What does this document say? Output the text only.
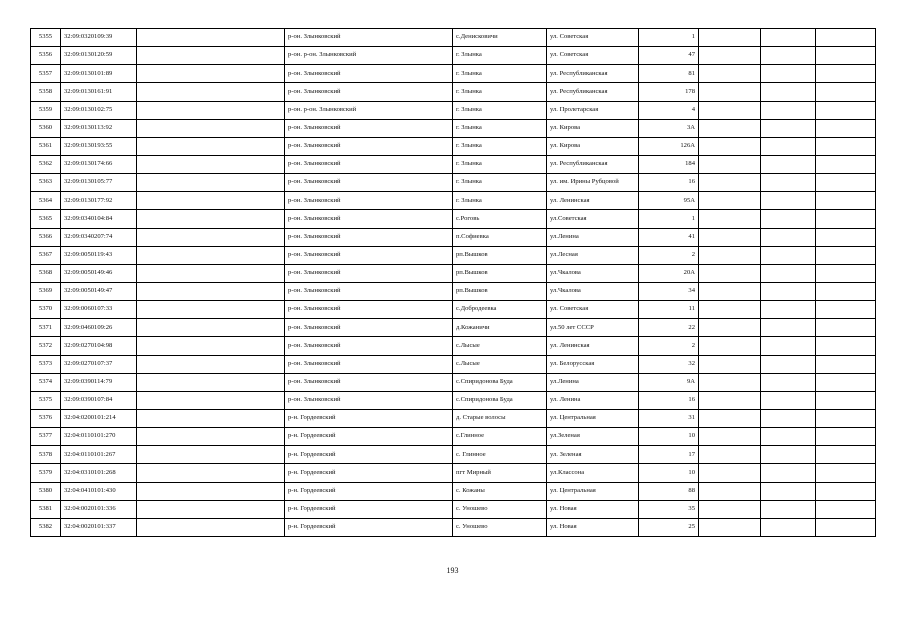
5355	32:09:0320109:39		р-он. Злынковский	с.Денисковичи	ул. Советская	1			
5356	32:09:0130120:59		р-он. р-он. Злынковский	г. Злынка	ул. Советская	47			
5357	32:09:0130101:89		р-он. Злынковский	г. Злынка	ул. Республиканская	81			
5358	32:09:0130161:91		р-он. Злынковский	г. Злынка	ул. Республиканская	178			
5359	32:09:0130102:75		р-он. р-он. Злынковский	г. Злынка	ул. Пролетарская	4			
5360	32:09:0130113:92		р-он. Злынковский	г. Злынка	ул. Кирова	3А			
5361	32:09:0130193:55		р-он. Злынковский	г. Злынка	ул. Кирова	126А			
5362	32:09:0130174:66		р-он. Злынковский	г. Злынка	ул. Республиканская	184			
5363	32:09:0130105:77		р-он. Злынковский	г. Злынка	ул. им. Ирины Рубцовой	16			
5364	32:09:0130177:92		р-он. Злынковский	г. Злынка	ул. Ленинская	95А			
5365	32:09:0340104:84		р-он. Злынковский	с.Роговь	ул.Советская	1			
5366	32:09:0340207:74		р-он. Злынковский	п.Софиевка	ул.Ленина	41			
5367	32:09:0050119:43		р-он. Злынковский	рп.Вышков	ул.Лесная	2			
5368	32:09:0050149:46		р-он. Злынковский	рп.Вышков	ул.Чкалова	20А			
5369	32:09:0050149:47		р-он. Злынковский	рп.Вышков	ул.Чкалова	34			
5370	32:09:0060107:33		р-он. Злынковский	с.Добродеевка	ул. Советская	11			
5371	32:09:0460109:26		р-он. Злынковский	д.Кожаничи	ул.50 лет СССР	22			
5372	32:09:0270104:98		р-он. Злынковский	с.Лысые	ул. Ленинская	2			
5373	32:09:0270107:37		р-он. Злынковский	с.Лысые	ул. Белорусская	32			
5374	32:09:0390114:79		р-он. Злынковский	с.Спиридонова Буда	ул.Ленина	9А			
5375	32:09:0390107:84		р-он. Злынковский	с.Спиридонова Буда	ул. Ленина	16			
5376	32:04:0200101:214		р-н. Гордеевский	д. Старые волосы	ул. Центральная	31			
5377	32:04:0110101:270		р-н. Гордеевский	с.Глинное	ул.Зеленая	10			
5378	32:04:0110101:267		р-н. Гордеевский	с. Глинное	ул. Зеленая	17			
5379	32:04:0310101:268		р-н. Гордеевский	пгт Мирный	ул.Классона	10			
5380	32:04:0410101:430		р-н. Гордеевский	с. Кожаны	ул. Центральная	88			
5381	32:04:0020101:336		р-н. Гордеевский	с. Уношево	ул. Новая	35			
5382	32:04:0020101:337		р-н. Гордеевский	с. Уношево	ул. Новая	25			
193
